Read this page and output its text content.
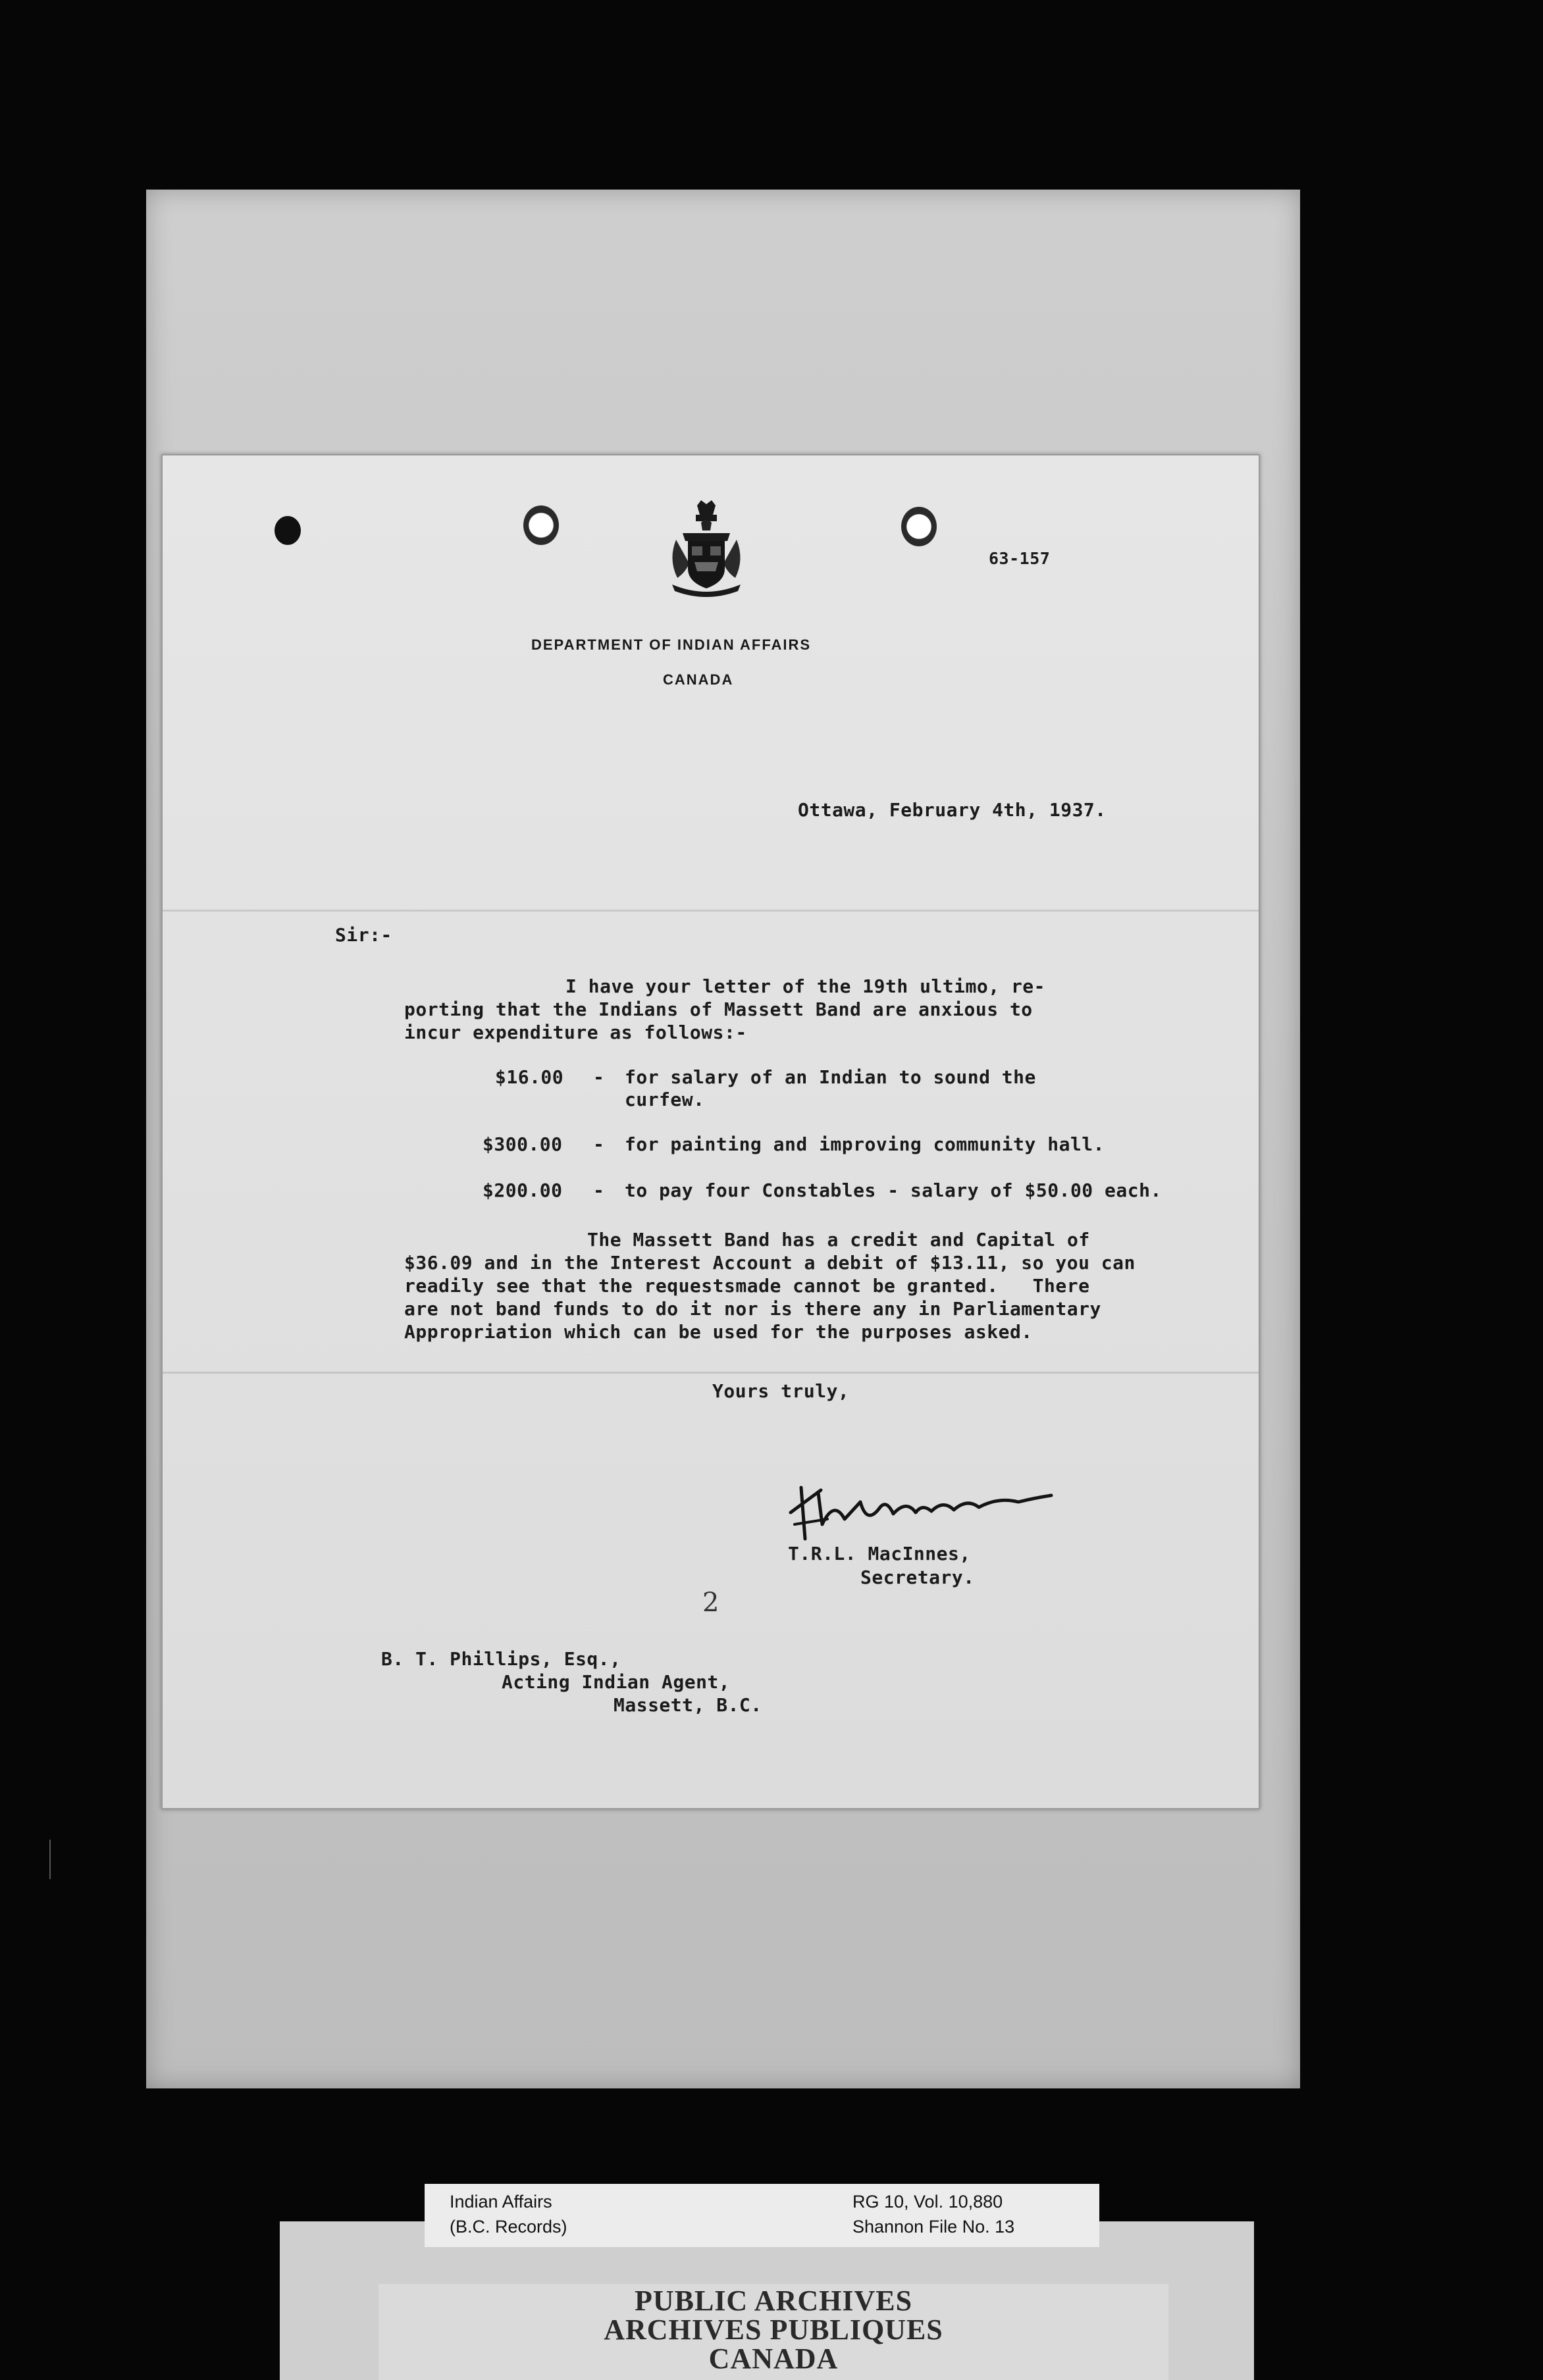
63-157
DEPARTMENT OF INDIAN AFFAIRS
CANADA
Ottawa, February 4th, 1937.
Sir:-
I have your letter of the 19th ultimo, re-
porting that the Indians of Massett Band are anxious to
incur expenditure as follows:-
$16.00 - for salary of an Indian to sound the
curfew.
$300.00 - for painting and improving community hall.
$200.00 - to pay four Constables - salary of $50.00 each.
The Massett Band has a credit and Capital of
$36.09 and in the Interest Account a debit of $13.11, so you can
readily see that the requestsmade cannot be granted.   There
are not band funds to do it nor is there any in Parliamentary
Appropriation which can be used for the purposes asked.
Yours truly,
T.R.L. MacInnes,
Secretary.
2
B. T. Phillips, Esq.,
Acting Indian Agent,
Massett, B.C.
Indian Affairs
(B.C. Records)
RG 10, Vol. 10,880
Shannon File No. 13
PUBLIC ARCHIVES
ARCHIVES PUBLIQUES
CANADA
